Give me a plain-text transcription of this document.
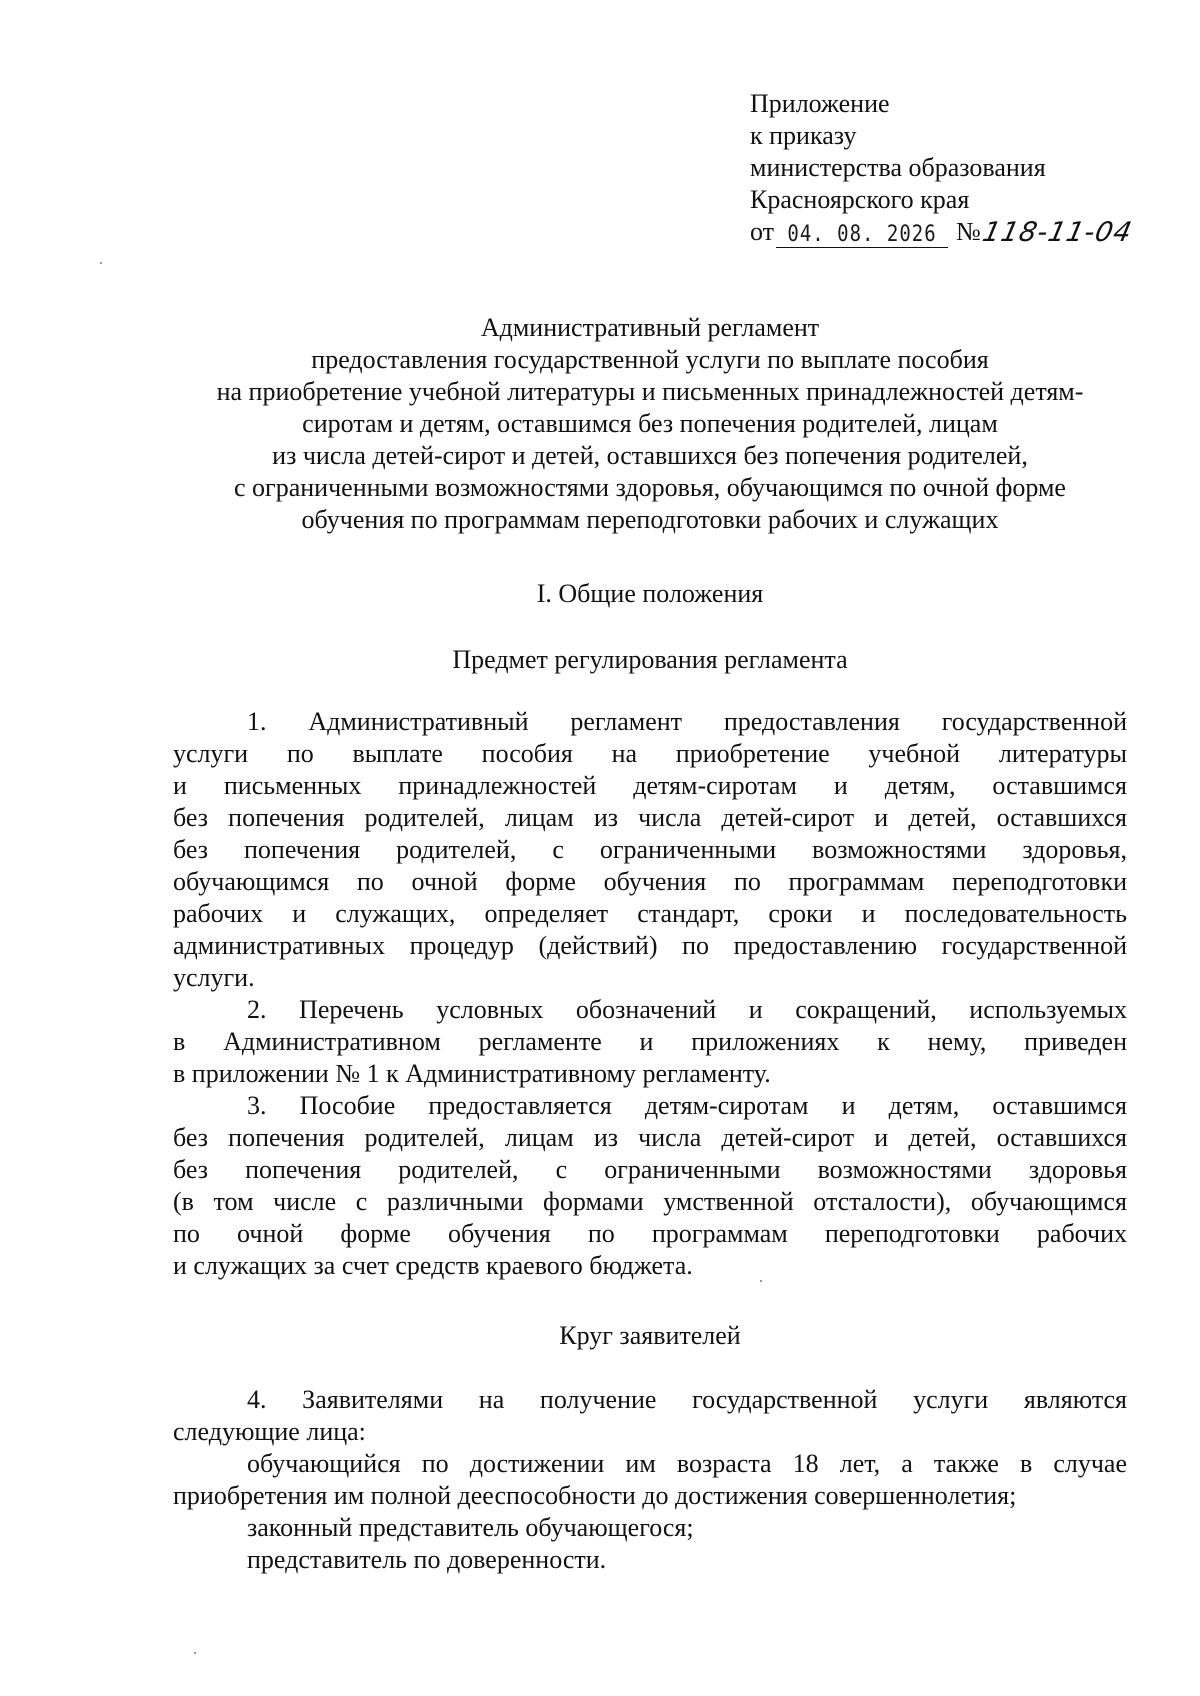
Приложение
к приказу
министерства образования
Красноярского края
от 04. 08. 2026 №
118-11-04
Административный регламент
предоставления государственной услуги по выплате пособия
на приобретение учебной литературы и письменных принадлежностей детям-
сиротам и детям, оставшимся без попечения родителей, лицам
из числа детей-сирот и детей, оставшихся без попечения родителей,
с ограниченными возможностями здоровья, обучающимся по очной форме
обучения по программам переподготовки рабочих и служащих
I. Общие положения
Предмет регулирования регламента
1. Административный регламент предоставления государственной
услуги по выплате пособия на приобретение учебной литературы
и письменных принадлежностей детям-сиротам и детям, оставшимся
без попечения родителей, лицам из числа детей-сирот и детей, оставшихся
без попечения родителей, с ограниченными возможностями здоровья,
обучающимся по очной форме обучения по программам переподготовки
рабочих и служащих, определяет стандарт, сроки и последовательность
административных процедур (действий) по предоставлению государственной
услуги.
2. Перечень условных обозначений и сокращений, используемых
в Административном регламенте и приложениях к нему, приведен
в приложении № 1 к Административному регламенту.
3. Пособие предоставляется детям-сиротам и детям, оставшимся
без попечения родителей, лицам из числа детей-сирот и детей, оставшихся
без попечения родителей, с ограниченными возможностями здоровья
(в том числе с различными формами умственной отсталости), обучающимся
по очной форме обучения по программам переподготовки рабочих
и служащих за счет средств краевого бюджета.
Круг заявителей
4. Заявителями на получение государственной услуги являются
следующие лица:
обучающийся по достижении им возраста 18 лет, а также в случае
приобретения им полной дееспособности до достижения совершеннолетия;
законный представитель обучающегося;
представитель по доверенности.
